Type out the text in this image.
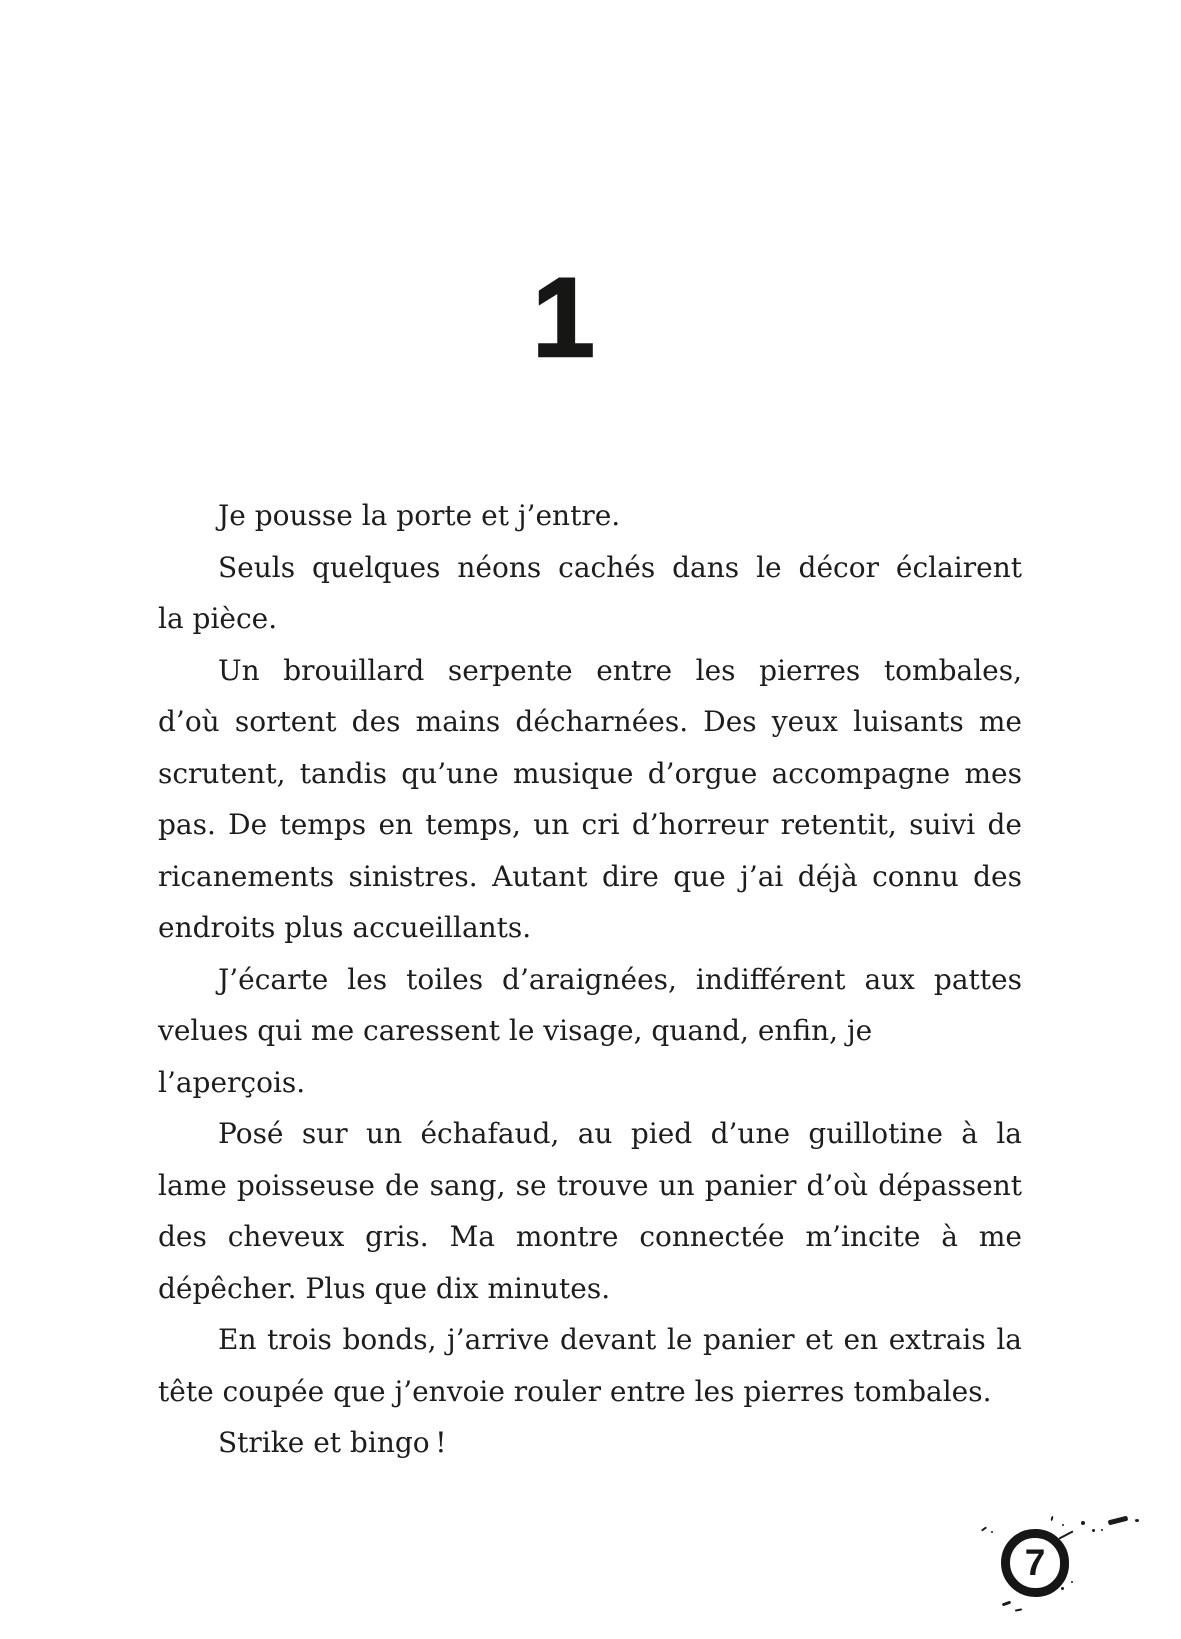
1

Je pousse la porte et j’entre.

Seuls quelques néons cachés dans le décor éclairent
la pièce.

Un brouillard serpente entre les pierres tombales,
d’où sortent des mains décharnées. Des yeux luisants me
scrutent, tandis qu’une musique d’orgue accompagne mes
pas. De temps en temps, un cri d’horreur retentit, suivi de
ricanements sinistres. Autant dire que j’ai déjà connu des
endroits plus accueillants.

J’écarte les toiles d’araignées, indifférent aux pattes
velues qui me caressent le visage, quand, enfin, je l’aperçois.

Posé sur un échafaud, au pied d’une guillotine à la
lame poisseuse de sang, se trouve un panier d’où dépassent
des cheveux gris. Ma montre connectée m’incite à me
dépêcher. Plus que dix minutes.

En trois bonds, j’arrive devant le panier et en extrais la
tête coupée que j’envoie rouler entre les pierres tombales.

Strike et bingo !

7
